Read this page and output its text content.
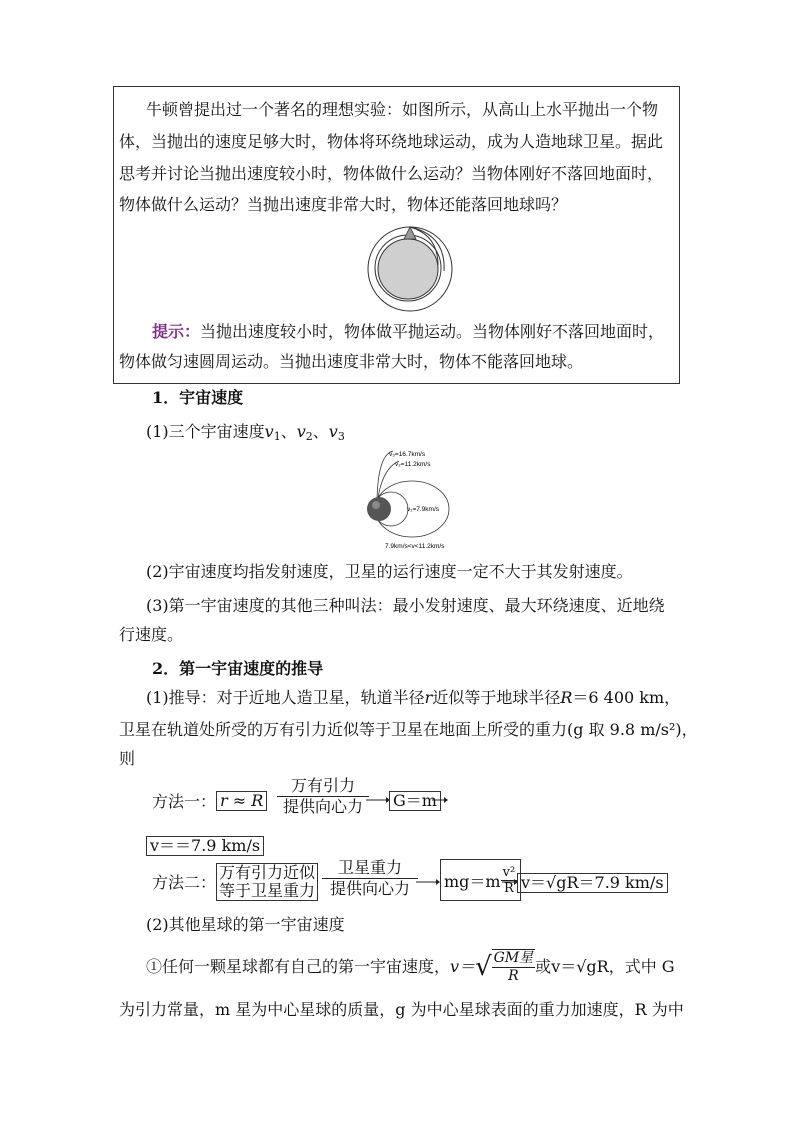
牛顿曾提出过一个著名的理想实验：如图所示，从高山上水平抛出一个物
体，当抛出的速度足够大时，物体将环绕地球运动，成为人造地球卫星。据此
思考并讨论当抛出速度较小时，物体做什么运动？当物体刚好不落回地面时，
物体做什么运动？当抛出速度非常大时，物体还能落回地球吗？
提示：当抛出速度较小时，物体做平抛运动。当物体刚好不落回地面时，
物体做匀速圆周运动。当抛出速度非常大时，物体不能落回地球。
1．宇宙速度
(1)三个宇宙速度$v_1$、$v_2$、$v_3$
v₃=16.7km/s
v₂=11.2km/s
v₁=7.9km/s
7.9km/s<v<11.2km/s
(2)宇宙速度均指发射速度，卫星的运行速度一定不大于其发射速度。
(3)第一宇宙速度的其他三种叫法：最小发射速度、最大环绕速度、近地绕
行速度。
2．第一宇宙速度的推导
(1)推导：对于近地人造卫星，轨道半径r近似等于地球半径R＝6 400 km，
卫星在轨道处所受的万有引力近似等于卫星在地面上所受的重力(g 取 9.8 m/s²)，
则
方法一： r ≈ R
万有引力
提供向心力	G＝m
v＝＝7.9 km/s
方法二：
万有引力近似
等于卫星重力
卫星重力
提供向心力	$mg=m \frac{\text{v²}}{R} v=√gR=7.9$ km/s
(2)其他星球的第一宇宙速度
①任何一颗星球都有自己的第一宇宙速度， v＝ √ GM星
R	或 v＝√gR，式中 G
为引力常量，m 星为中心星球的质量，g 为中心星球表面的重力加速度，R 为中
